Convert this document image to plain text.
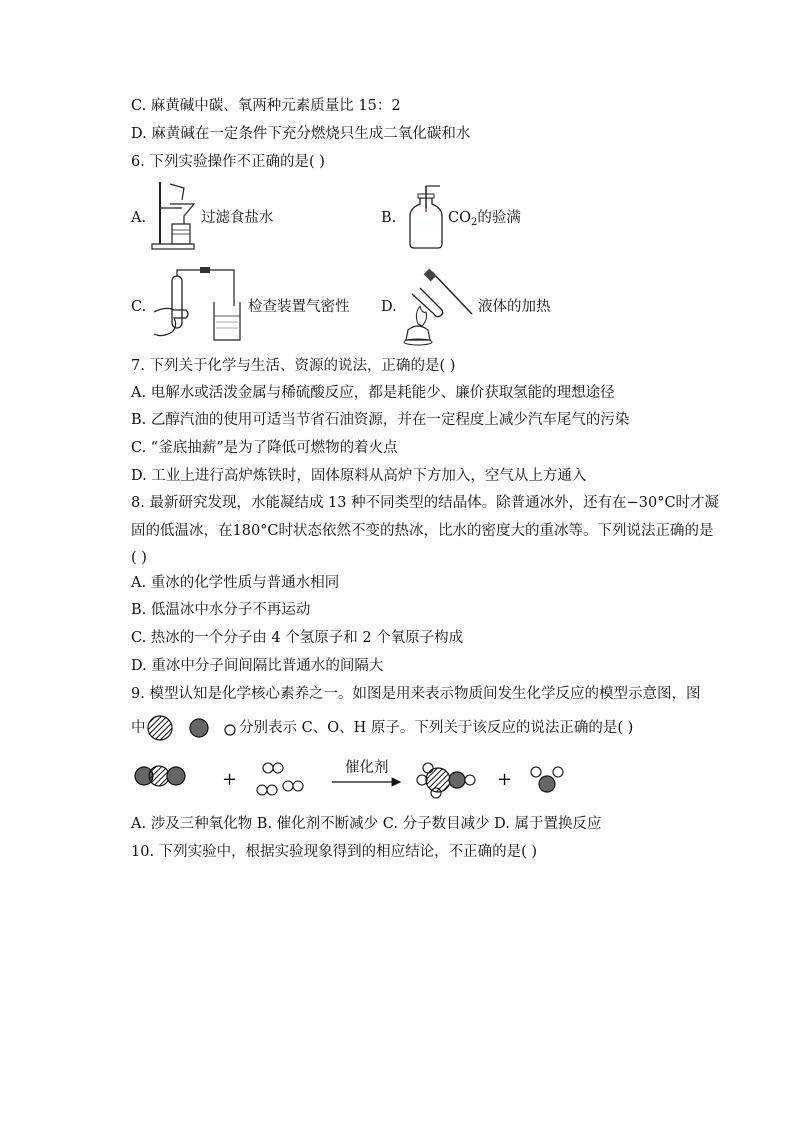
C. 麻黄碱中碳、氧两种元素质量比 15：2
D. 麻黄碱在一定条件下充分燃烧只生成二氧化碳和水
6. 下列实验操作不正确的是( )
A.	过滤食盐水	B.	$CO_2$的验满
C.	检查装置气密性 D.	液体的加热
7. 下列关于化学与生活、资源的说法，正确的是( )
A. 电解水或活泼金属与稀硫酸反应，都是耗能少、廉价获取氢能的理想途径
B. 乙醇汽油的使用可适当节省石油资源，并在一定程度上减少汽车尾气的污染
C. “釜底抽薪”是为了降低可燃物的着火点
D. 工业上进行高炉炼铁时，固体原料从高炉下方加入，空气从上方通入
8. 最新研究发现，水能凝结成 13 种不同类型的结晶体。除普通冰外，还有在−30°C时才凝
固的低温冰，在180°C时状态依然不变的热冰，比水的密度大的重冰等。下列说法正确的是
( )
A. 重冰的化学性质与普通水相同
B. 低温冰中水分子不再运动
C. 热冰的一个分子由 4 个氢原子和 2 个氧原子构成
D. 重冰中分子间间隔比普通水的间隔大
9. 模型认知是化学核心素养之一。如图是用来表示物质间发生化学反应的模型示意图，图
中	分别表示 C、O、H 原子。下列关于该反应的说法正确的是( )
+
催化剂
+
A. 涉及三种氧化物 B. 催化剂不断减少 C. 分子数目减少 D. 属于置换反应
10. 下列实验中，根据实验现象得到的相应结论，不正确的是( )
